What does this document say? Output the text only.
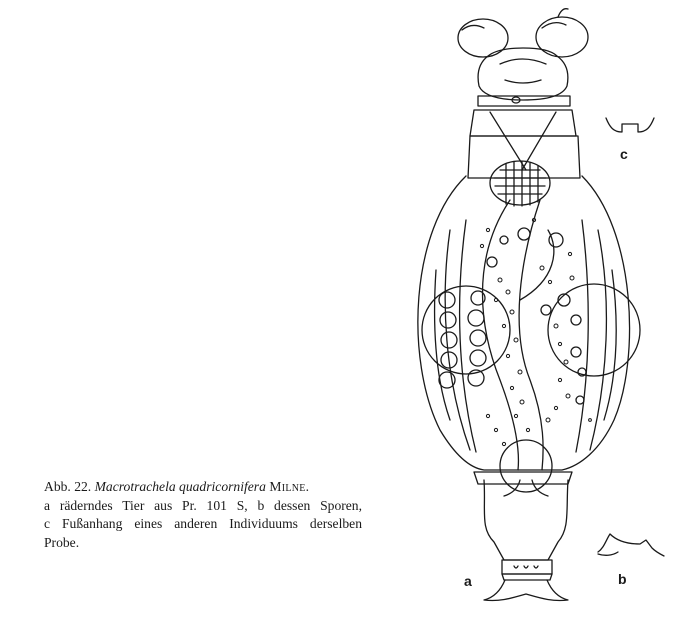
a	b
c
Abb. 22. Macrotrachela quadricornifera Milne.
a räderndes Tier aus Pr. 101 S, b dessen Sporen,
c Fußanhang eines anderen Individuums derselben
Probe.
